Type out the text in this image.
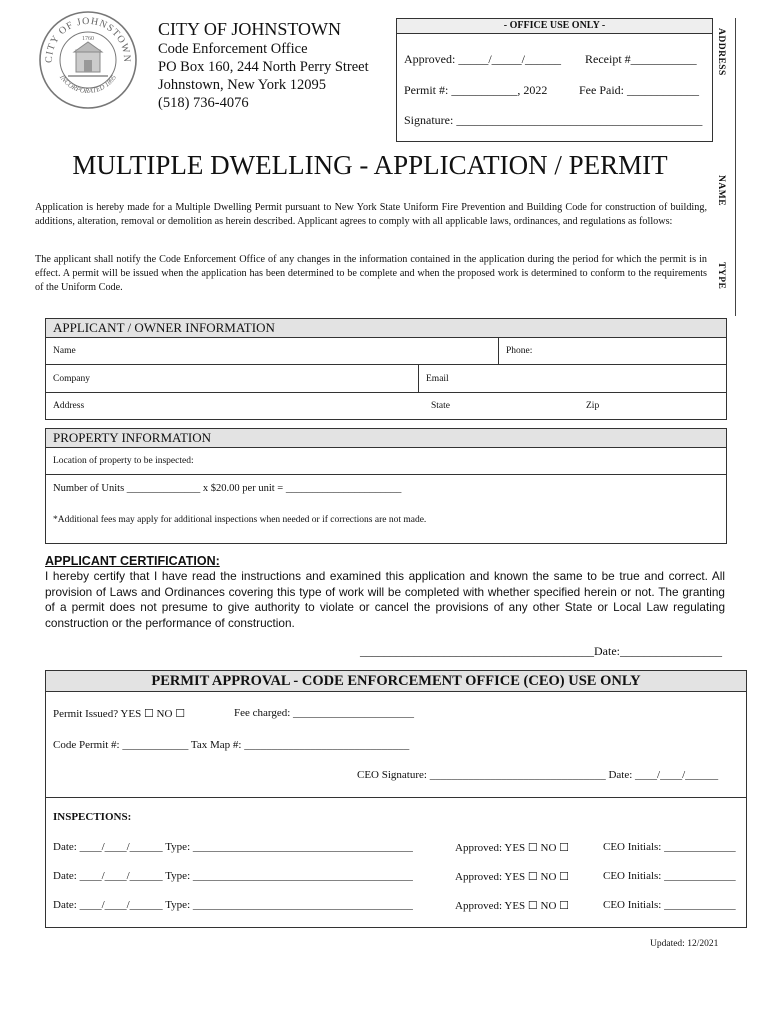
CITY OF JOHNSTOWN
INCORPORATED 1895
1760	CITY OF JOHNSTOWN
Code Enforcement Office
PO Box 160, 244 North Perry Street
Johnstown, New York 12095
(518) 736-4076
- OFFICE USE ONLY -
Approved: _____/_____/______ Receipt #___________
Permit #: ___________, 2022	Fee Paid: ____________
Signature: _________________________________________
ADDRESS
NAME
TYPE
MULTIPLE DWELLING - APPLICATION / PERMIT
Application is hereby made for a Multiple Dwelling Permit pursuant to New York State Uniform Fire Prevention and Building Code for construction of building, additions, alteration, removal or demolition as herein described. Applicant agrees to comply with all applicable laws, ordinances, and regulations as follows:
The applicant shall notify the Code Enforcement Office of any changes in the information contained in the application during the period for which the permit is in effect. A permit will be issued when the application has been determined to be complete and when the proposed work is determined to conform to the requirements of the Uniform Code.
APPLICANT / OWNER INFORMATION
Name	Phone:
Company	Email
Address	State	Zip
PROPERTY INFORMATION
Location of property to be inspected:
Number of Units ______________ x $20.00 per unit = ______________________
*Additional fees may apply for additional inspections when needed or if corrections are not made.
APPLICANT CERTIFICATION:
I hereby certify that I have read the instructions and examined this application and known the same to be true and correct. All provision of Laws and Ordinances covering this type of work will be completed with whether specified herein or not. The granting of a permit does not presume to give authority to violate or cancel the provisions of any other State or Local Law regulating construction or the performance of construction.
_______________________________________Date:_________________
PERMIT APPROVAL - CODE ENFORCEMENT OFFICE (CEO) USE ONLY
Permit Issued? YES ☐ NO ☐	Fee charged: ______________________
Code Permit #: ____________ Tax Map #: ______________________________
CEO Signature: ________________________________ Date: ____/____/______
INSPECTIONS:
Date: ____/____/______ Type: ________________________________________	Approved: YES ☐ NO ☐	CEO Initials: _____________
Date: ____/____/______ Type: ________________________________________	Approved: YES ☐ NO ☐	CEO Initials: _____________
Date: ____/____/______ Type: ________________________________________	Approved: YES ☐ NO ☐	CEO Initials: _____________
Updated: 12/2021
